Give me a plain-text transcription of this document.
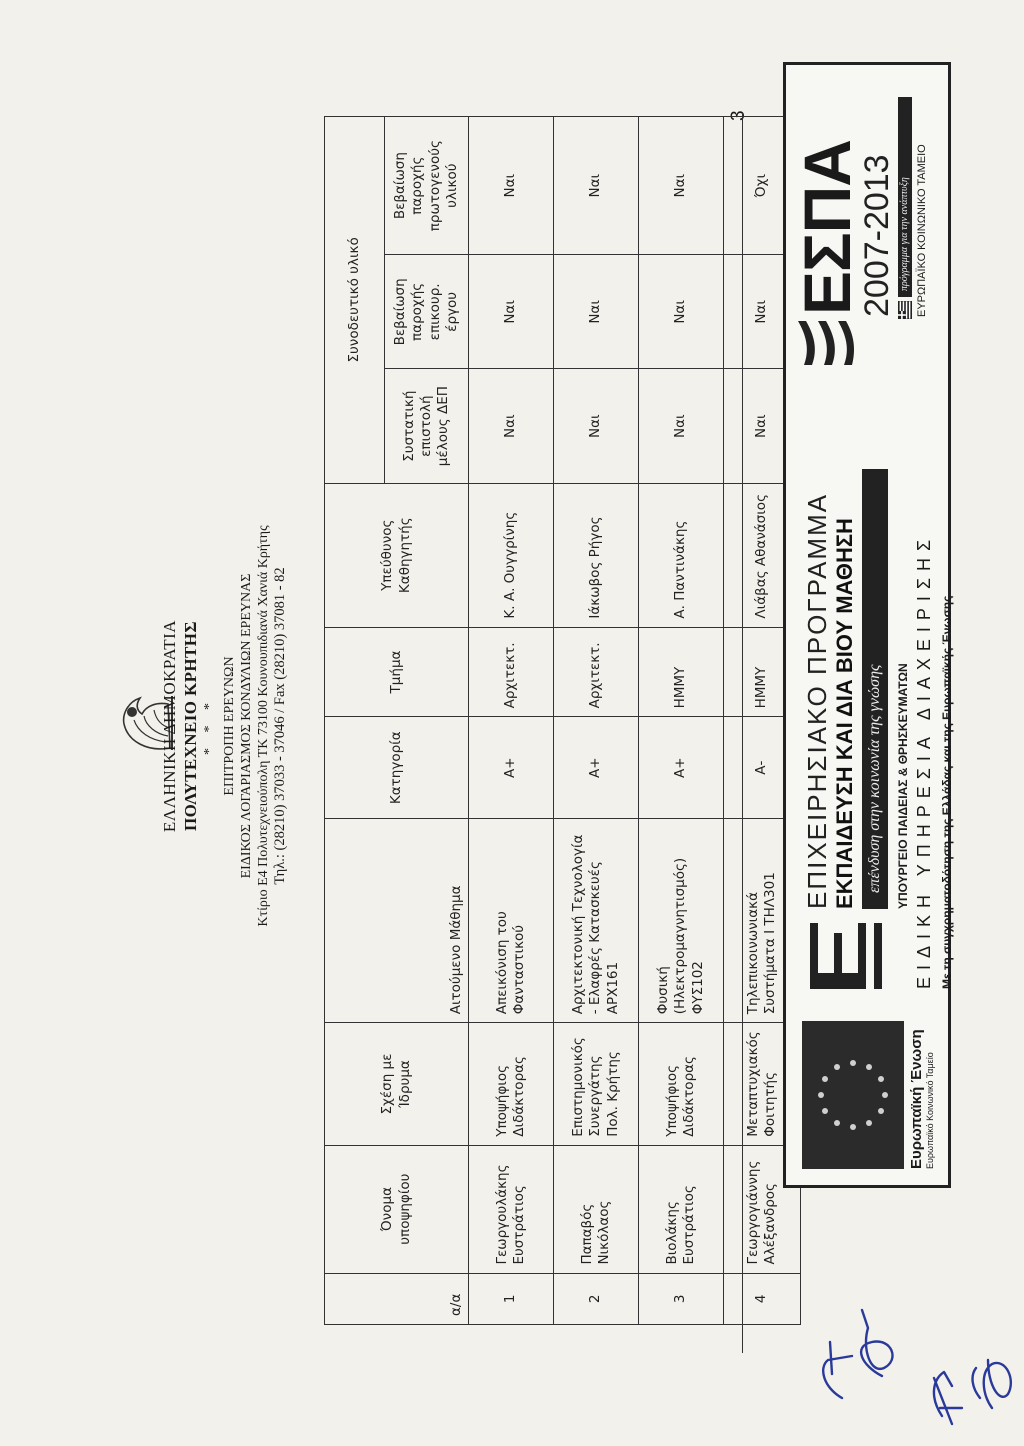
3
ΕΛΛΗΝΙΚΗ ΔΗΜΟΚΡΑΤΙΑ ΠΟΛΥΤΕΧΝΕΙΟ ΚΡΗΤΗΣ * * * ΕΠΙΤΡΟΠΗ ΕΡΕΥΝΩΝ ΕΙΔΙΚΟΣ ΛΟΓΑΡΙΑΣΜΟΣ ΚΟΝΔΥΛΙΩΝ ΕΡΕΥΝΑΣ Κτίριο Ε4 Πολυτεχνειούπολη ΤΚ 73100 Κουνουπιδιανά Χανιά Κρήτης Τηλ.: (28210) 37033 - 37046 / Fax (28210) 37081 - 82
α/α	Όνομα υποψηφίου	Σχέση με Ίδρυμα	Αιτούμενο Μάθημα	Κατηγορία	Τμήμα	Υπεύθυνος Καθηγητής	Συνοδευτικό υλικό		
							Συστατική επιστολή μέλους ΔΕΠ	Βεβαίωση παροχής επικουρ. έργου	Βεβαίωση παροχής πρωτογενούς υλικού
1	Γεωργουλάκης Ευστράτιος	Υποψήφιος Διδάκτορας	Απεικόνιση του Φανταστικού	Α+	Αρχιτεκτ.	Κ. Α. Ουγγρίνης	Ναι	Ναι	Ναι
2	Παπαβός Νικόλαος	Επιστημονικός Συνεργάτης Πολ. Κρήτης	Αρχιτεκτονική Τεχνολογία - Ελαφρές Κατασκευές ΑΡΧ161	Α+	Αρχιτεκτ.	Ιάκωβος Ρήγος	Ναι	Ναι	Ναι
3	Βιολάκης Ευστράτιος	Υποψήφιος Διδάκτορας	Φυσική (Ηλεκτρομαγνητισμός) ΦΥΣ102	Α+	ΗΜΜΥ	Α. Παντινάκης	Ναι	Ναι	Ναι
4	Γεωργογιάννης Αλέξανδρος	Μεταπτυχιακός Φοιτητής	Τηλεπικοινωνιακά Συστήματα Ι ΤΗΛ301	Α-	ΗΜΜΥ	Λιάβας Αθανάσιος	Ναι	Ναι	Όχι
Ευρωπαϊκή Ένωση Ευρωπαϊκό Κοινωνικό Ταμείο
ΕΠΙΧΕΙΡΗΣΙΑΚΟ ΠΡΟΓΡΑΜΜΑ ΕΚΠΑΙΔΕΥΣΗ ΚΑΙ ΔΙΑ ΒΙΟΥ ΜΑΘΗΣΗ επένδυση στην κοινωνία της γνώσης	ΥΠΟΥΡΓΕΙΟ ΠΑΙΔΕΙΑΣ & ΘΡΗΣΚΕΥΜΑΤΩΝ ΕΙΔΙΚΗ ΥΠΗΡΕΣΙΑ ΔΙΑΧΕΙΡΙΣΗΣ Με τη συγχρηματοδότηση της Ελλάδας και της Ευρωπαϊκής Ένωσης
ΕΣΠΑ
2007-2013 πρόγραμμα για την ανάπτυξη ΕΥΡΩΠΑΪΚΟ ΚΟΙΝΩΝΙΚΟ ΤΑΜΕΙΟ
